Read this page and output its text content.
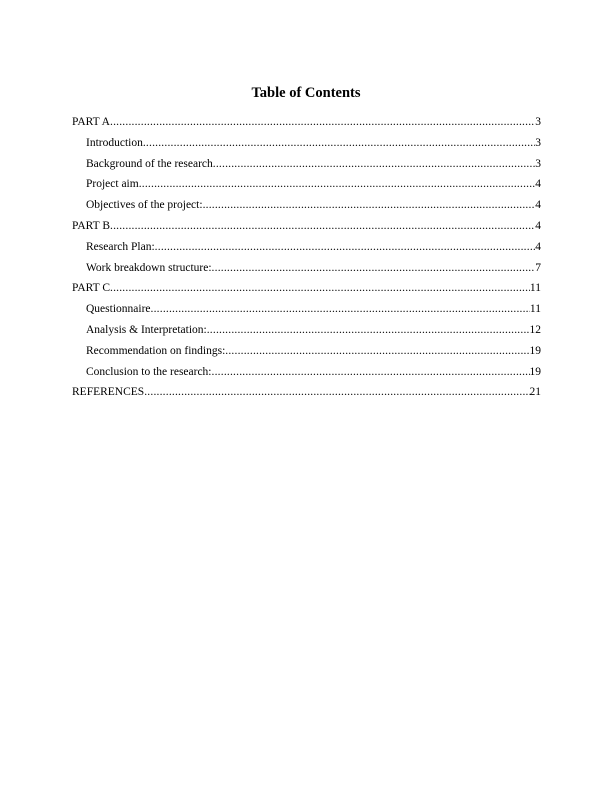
Table of Contents
PART A .....	3
Introduction .....	3
Background of the research .....	3
Project aim .....	4
Objectives of the project: .....	4
PART B .....	4
Research Plan: .....	4
Work breakdown structure: .....	7
PART C .....	11
Questionnaire .....	11
Analysis & Interpretation: .....	12
Recommendation on findings: .....	19
Conclusion to the research: .....	19
REFERENCES .....	21
